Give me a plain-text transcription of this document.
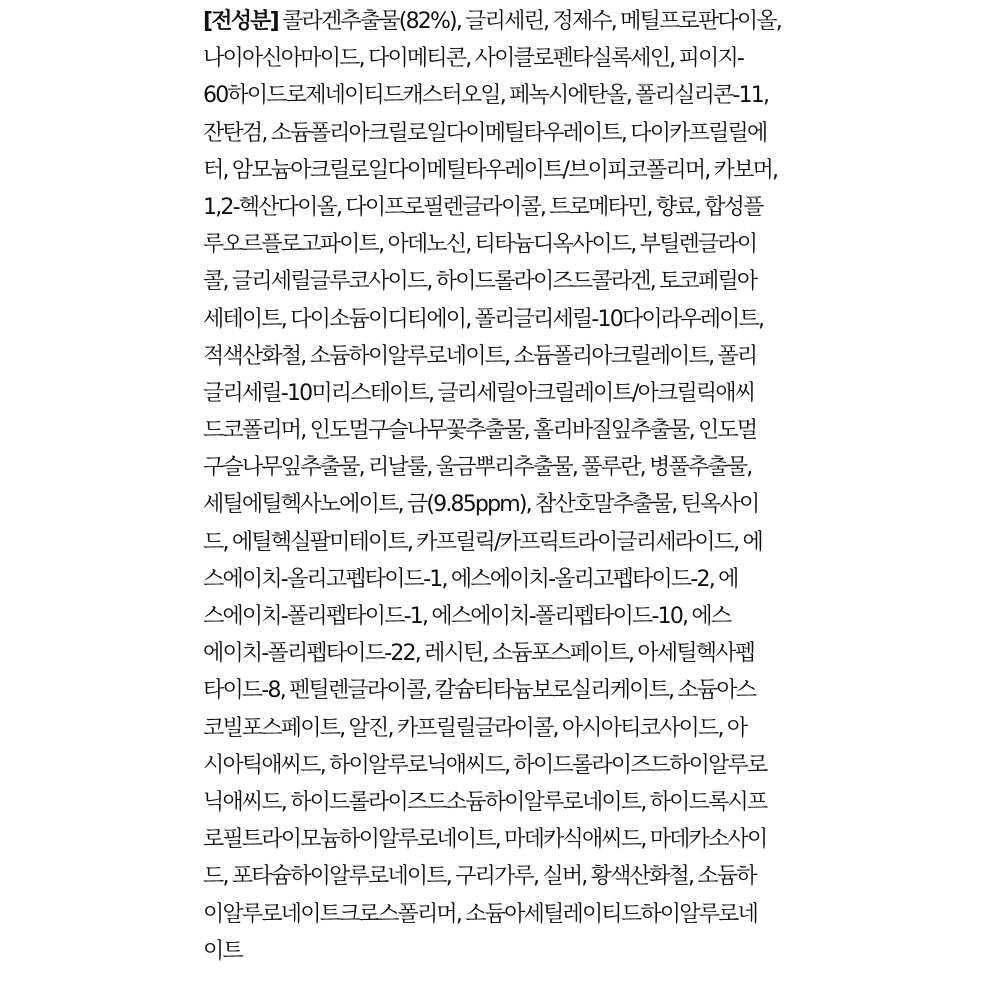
[전성분] 콜라겐추출물(82%), 글리세린, 정제수, 메틸프로판다이올,
나이아신아마이드, 다이메티콘, 사이클로펜타실록세인, 피이지-
60하이드로제네이티드캐스터오일, 페녹시에탄올, 폴리실리콘-11,
잔탄검, 소듐폴리아크릴로일다이메틸타우레이트, 다이카프릴릴에
터, 암모늄아크릴로일다이메틸타우레이트/브이피코폴리머, 카보머,
1,2-헥산다이올, 다이프로필렌글라이콜, 트로메타민, 향료, 합성플
루오르플로고파이트, 아데노신, 티타늄디옥사이드, 부틸렌글라이
콜, 글리세릴글루코사이드, 하이드롤라이즈드콜라겐, 토코페릴아
세테이트, 다이소듐이디티에이, 폴리글리세릴-10다이라우레이트,
적색산화철, 소듐하이알루로네이트, 소듐폴리아크릴레이트, 폴리
글리세릴-10미리스테이트, 글리세릴아크릴레이트/아크릴릭애씨
드코폴리머, 인도멀구슬나무꽃추출물, 홀리바질잎추출물, 인도멀
구슬나무잎추출물, 리날룰, 울금뿌리추출물, 풀루란, 병풀추출물,
세틸에틸헥사노에이트, 금(9.85ppm), 참산호말추출물, 틴옥사이
드, 에틸헥실팔미테이트, 카프릴릭/카프릭트라이글리세라이드, 에
스에이치-올리고펩타이드-1, 에스에이치-올리고펩타이드-2, 에
스에이치-폴리펩타이드-1, 에스에이치-폴리펩타이드-10, 에스
에이치-폴리펩타이드-22, 레시틴, 소듐포스페이트, 아세틸헥사펩
타이드-8, 펜틸렌글라이콜, 칼슘티타늄보로실리케이트, 소듐아스
코빌포스페이트, 알진, 카프릴릴글라이콜, 아시아티코사이드, 아
시아틱애씨드, 하이알루로닉애씨드, 하이드롤라이즈드하이알루로
닉애씨드, 하이드롤라이즈드소듐하이알루로네이트, 하이드록시프
로필트라이모늄하이알루로네이트, 마데카식애씨드, 마데카소사이
드, 포타슘하이알루로네이트, 구리가루, 실버, 황색산화철, 소듐하
이알루로네이트크로스폴리머, 소듐아세틸레이티드하이알루로네
이트
